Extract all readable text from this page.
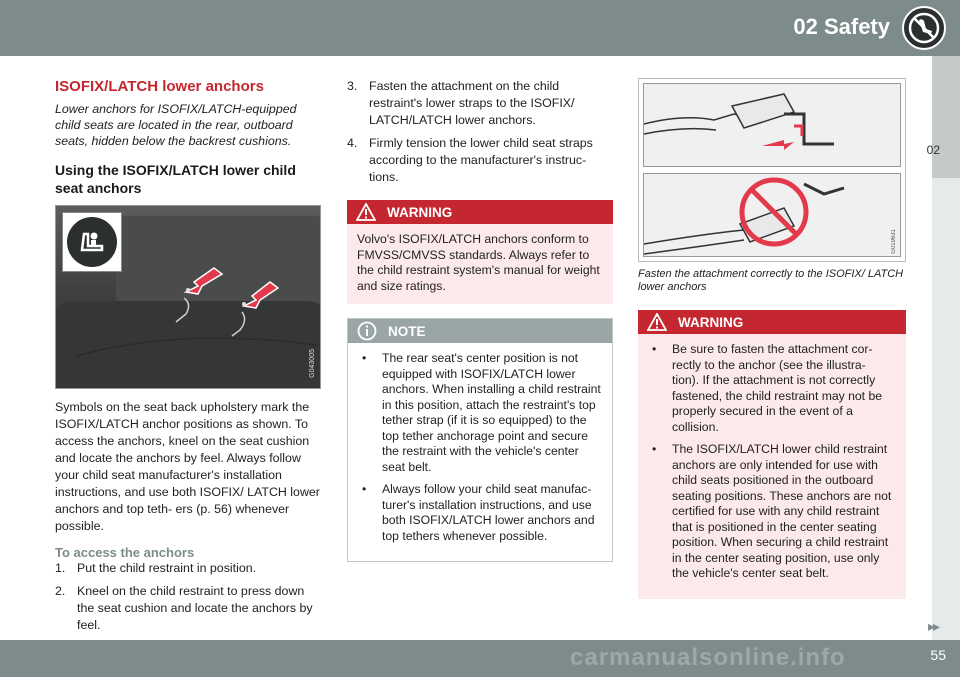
02 Safety
02
ISOFIX/LATCH lower anchors

Lower anchors for ISOFIX/LATCH-equipped child seats are located in the rear, outboard seats, hidden below the backrest cushions.

Using the ISOFIX/LATCH lower child seat anchors
G043005

Symbols on the seat back upholstery mark the ISOFIX/LATCH anchor positions as shown. To access the anchors, kneel on the seat cushion and locate the anchors by feel. Always follow your child seat manufacturer's installation instructions, and use both ISOFIX/ LATCH lower anchors and top teth- ers (p. 56) whenever possible.

To access the anchors
1. Put the child restraint in position.
2. Kneel on the child restraint to press down the seat cushion and locate the anchors by feel.
3. Fasten the attachment on the child restraint's lower straps to the ISOFIX/ LATCH/LATCH lower anchors.
4. Firmly tension the lower child seat straps according to the manufacturer's instruc- tions.
WARNING
Volvo's ISOFIX/LATCH anchors conform to FMVSS/CMVSS standards. Always refer to the child restraint system's manual for weight and size ratings.
NOTE
• The rear seat's center position is not equipped with ISOFIX/LATCH lower anchors. When installing a child restraint in this position, attach the restraint's top tether strap (if it is so equipped) to the top tether anchorage point and secure the restraint with the vehicle's center seat belt.
• Always follow your child seat manufac- turer's installation instructions, and use both ISOFIX/LATCH lower anchors and top tethers whenever possible.
G019631

Fasten the attachment correctly to the ISOFIX/ LATCH lower anchors

WARNING
• Be sure to fasten the attachment cor- rectly to the anchor (see the illustra- tion). If the attachment is not correctly fastened, the child restraint may not be properly secured in the event of a collision.
• The ISOFIX/LATCH lower child restraint anchors are only intended for use with child seats positioned in the outboard seating positions. These anchors are not certified for use with any child restraint that is positioned in the center seating position. When securing a child restraint in the center seating position, use only the vehicle's center seat belt.
▸▸
carmanualsonline.info	55
